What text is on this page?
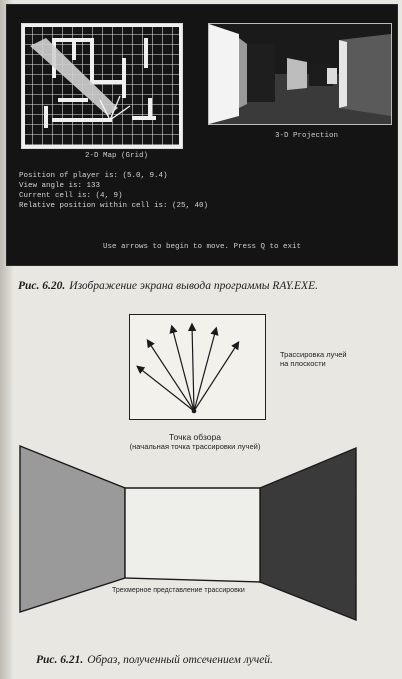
2-D Map (Grid)
3-D Projection
Position of player is: (5.0, 9.4)
View angle is: 133
Current cell is: (4, 9)
Relative position within cell is: (25, 40)
Use arrows to begin to move. Press Q to exit
Рис. 6.20. Изображение экрана вывода программы RAY.EXE.
Трассировка лучей
на плоскости
Точка обзора
(начальная точка трассировки лучей)
Трехмерное представление трассировки
Рис. 6.21. Образ, полученный отсечением лучей.
